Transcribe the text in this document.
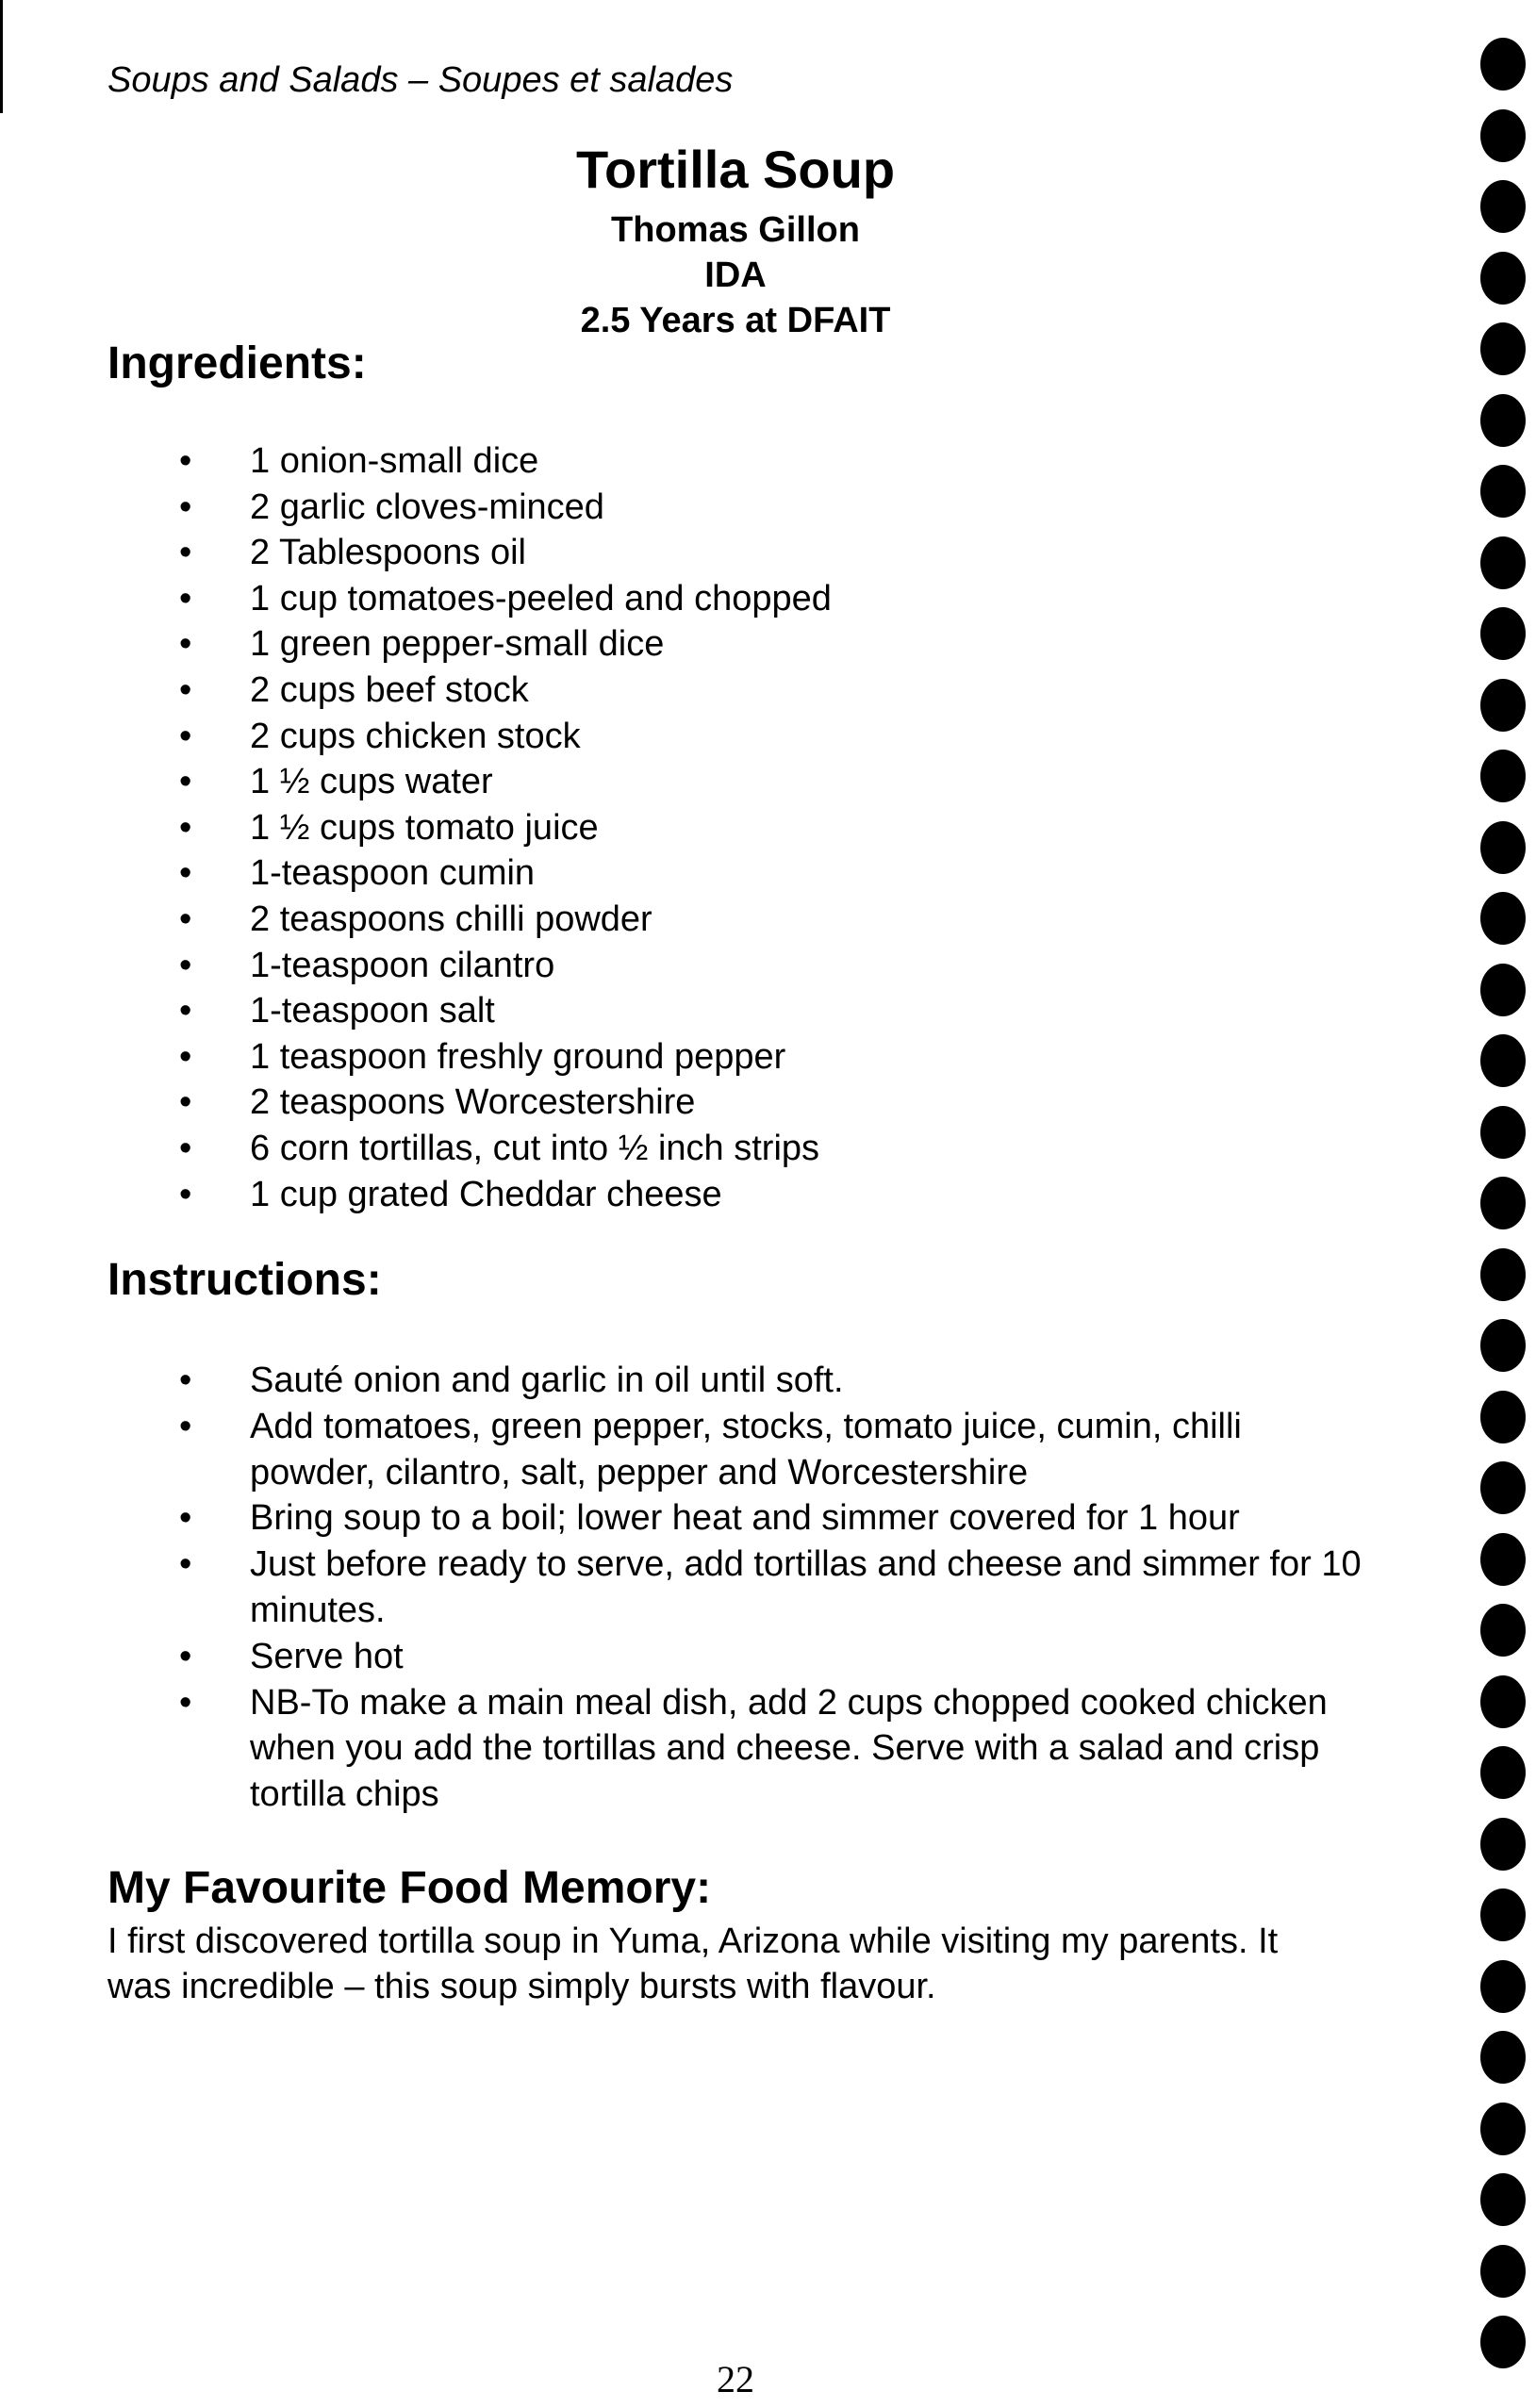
Soups and Salads – Soupes et salades
Tortilla Soup
Thomas Gillon
IDA
2.5 Years at DFAIT
Ingredients:
• 1 onion-small dice
• 2 garlic cloves-minced
• 2 Tablespoons oil
• 1 cup tomatoes-peeled and chopped
• 1 green pepper-small dice
• 2 cups beef stock
• 2 cups chicken stock
• 1 ½ cups water
• 1 ½ cups tomato juice
• 1-teaspoon cumin
• 2 teaspoons chilli powder
• 1-teaspoon cilantro
• 1-teaspoon salt
• 1 teaspoon freshly ground pepper
• 2 teaspoons Worcestershire
• 6 corn tortillas, cut into ½ inch strips
• 1 cup grated Cheddar cheese
Instructions:
• Sauté onion and garlic in oil until soft.
• Add tomatoes, green pepper, stocks, tomato juice, cumin, chilli powder, cilantro, salt, pepper and Worcestershire
• Bring soup to a boil; lower heat and simmer covered for 1 hour
• Just before ready to serve, add tortillas and cheese and simmer for 10 minutes.
• Serve hot
• NB-To make a main meal dish, add 2 cups chopped cooked chicken when you add the tortillas and cheese. Serve with a salad and crisp tortilla chips
My Favourite Food Memory:
I first discovered tortilla soup in Yuma, Arizona while visiting my parents. It was incredible – this soup simply bursts with flavour.
22
